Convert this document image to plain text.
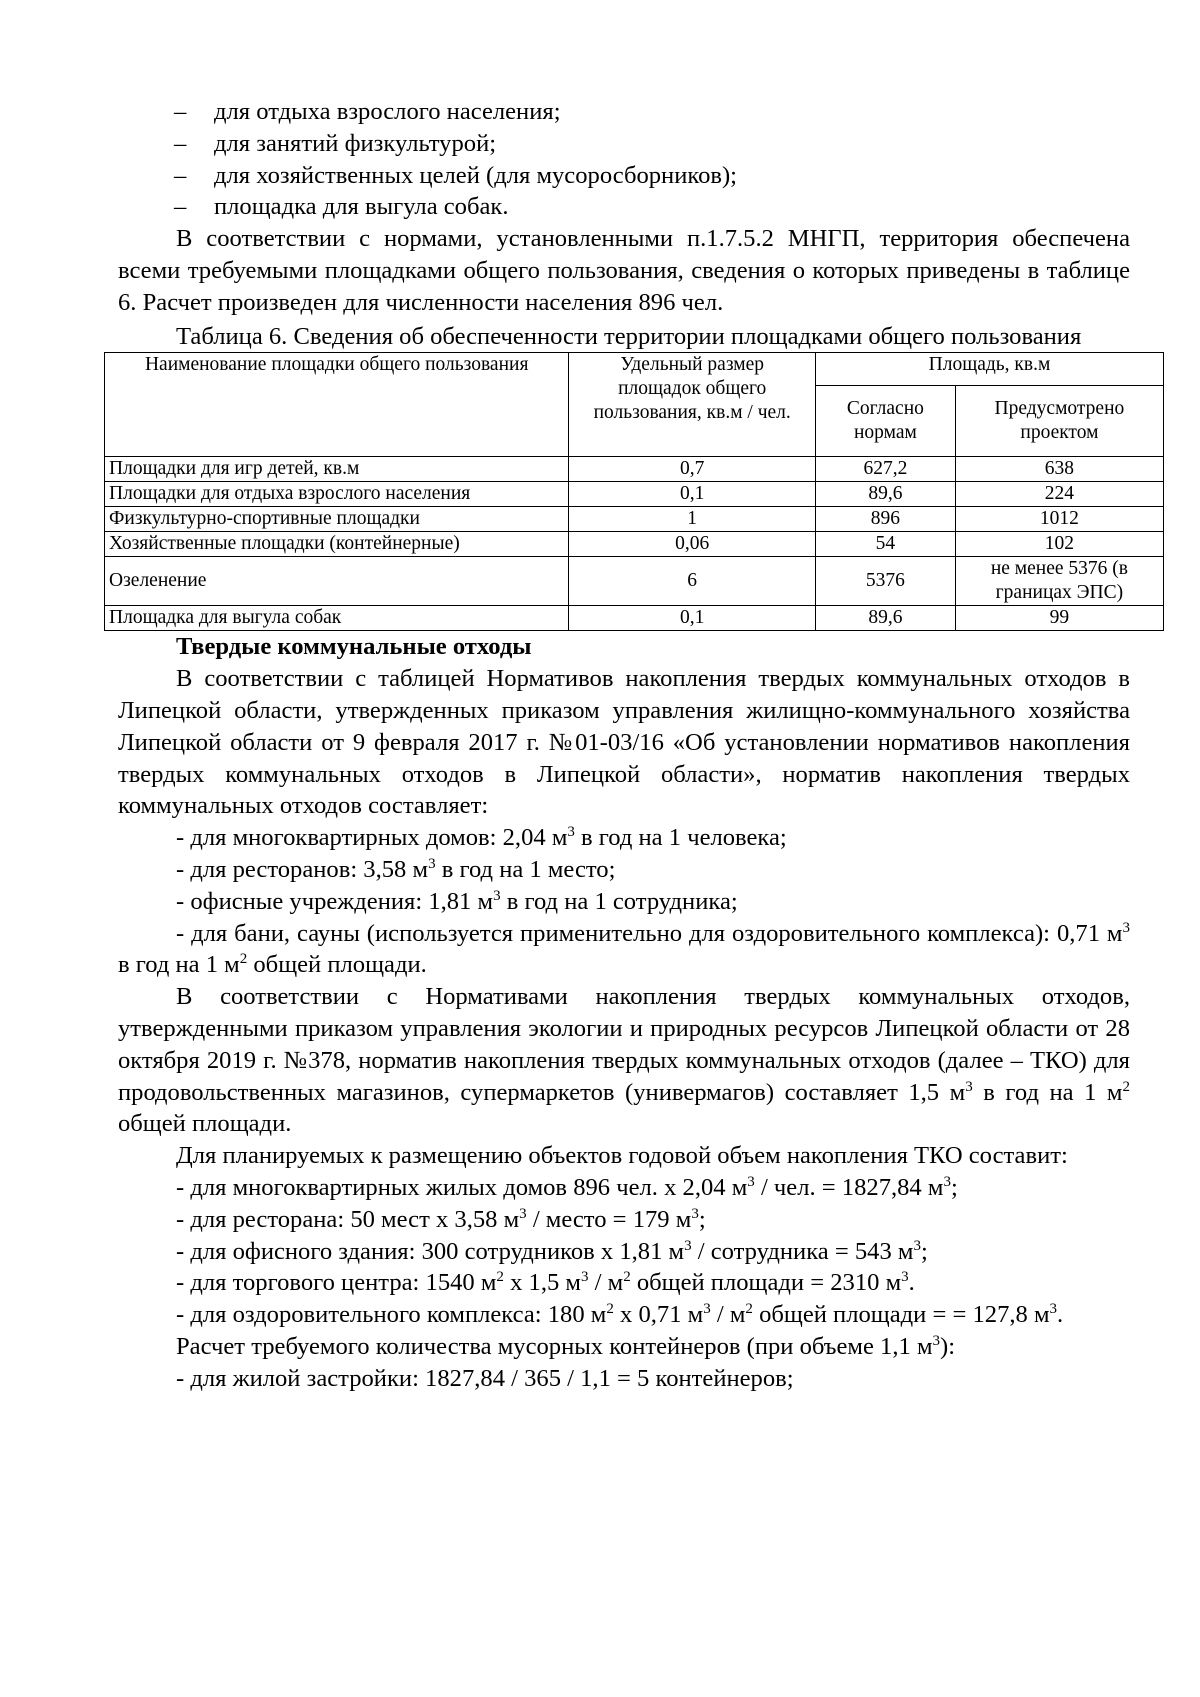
– для отдыха взрослого населения;
– для занятий физкультурой;
– для хозяйственных целей (для мусоросборников);
– площадка для выгула собак.
В соответствии с нормами, установленными п.1.7.5.2 МНГП, территория обеспечена всеми требуемыми площадками общего пользования, сведения о которых приведены в таблице 6. Расчет произведен для численности населения 896 чел.
Таблица 6. Сведения об обеспеченности территории площадками общего пользования
Наименование площадки общего пользования	Удельный размер площадок общего пользования, кв.м / чел.	Площадь, кв.м	
		Согласно нормам	Предусмотрено проектом
Площадки для игр детей, кв.м	0,7	627,2	638
Площадки для отдыха взрослого населения	0,1	89,6	224
Физкультурно-спортивные площадки	1	896	1012
Хозяйственные площадки (контейнерные)	0,06	54	102
Озеленение	6	5376	не менее 5376 (в границах ЭПС)
Площадка для выгула собак	0,1	89,6	99
Твердые коммунальные отходы
В соответствии с таблицей Нормативов накопления твердых коммунальных отходов в Липецкой области, утвержденных приказом управления жилищно-коммунального хозяйства Липецкой области от 9 февраля 2017 г. №01-03/16 «Об установлении нормативов накопления твердых коммунальных отходов в Липецкой области», норматив накопления твердых коммунальных отходов составляет:
- для многоквартирных домов: 2,04 $м^3$ в год на 1 человека;
- для ресторанов: 3,58 $м^3$ в год на 1 место;
- офисные учреждения: 1,81 $м^3$ в год на 1 сотрудника;
- для бани, сауны (используется применительно для оздоровительного комплекса): 0,71 $м^3$ в год на 1 $м^2$ общей площади.
В соответствии с Нормативами накопления твердых коммунальных отходов, утвержденными приказом управления экологии и природных ресурсов Липецкой области от 28 октября 2019 г. №378, норматив накопления твердых коммунальных отходов (далее – ТКО) для продовольственных магазинов, супермаркетов (универмагов) составляет 1,5 $м^3$ в год на 1 $м^2$ общей площади.
Для планируемых к размещению объектов годовой объем накопления ТКО составит:
- для многоквартирных жилых домов 896 чел. х 2,04 $м^3$ / чел. = 1827,84 $м^3$;
- для ресторана: 50 мест х 3,58 $м^3$ / место = 179 $м^3$;
- для офисного здания: 300 сотрудников х 1,81 $м^3$ / сотрудника = 543 $м^3$;
- для торгового центра: 1540 $м^2$ х 1,5 $м^3 / м^2$ общей площади = 2310 $м^3$.
- для оздоровительного комплекса: 180 $м^2$ х 0,71 $м^3 / м^2$ общей площади = = 127,8 $м^3$.
Расчет требуемого количества мусорных контейнеров (при объеме 1,1 $м^3$):
- для жилой застройки: 1827,84 / 365 / 1,1 = 5 контейнеров;
